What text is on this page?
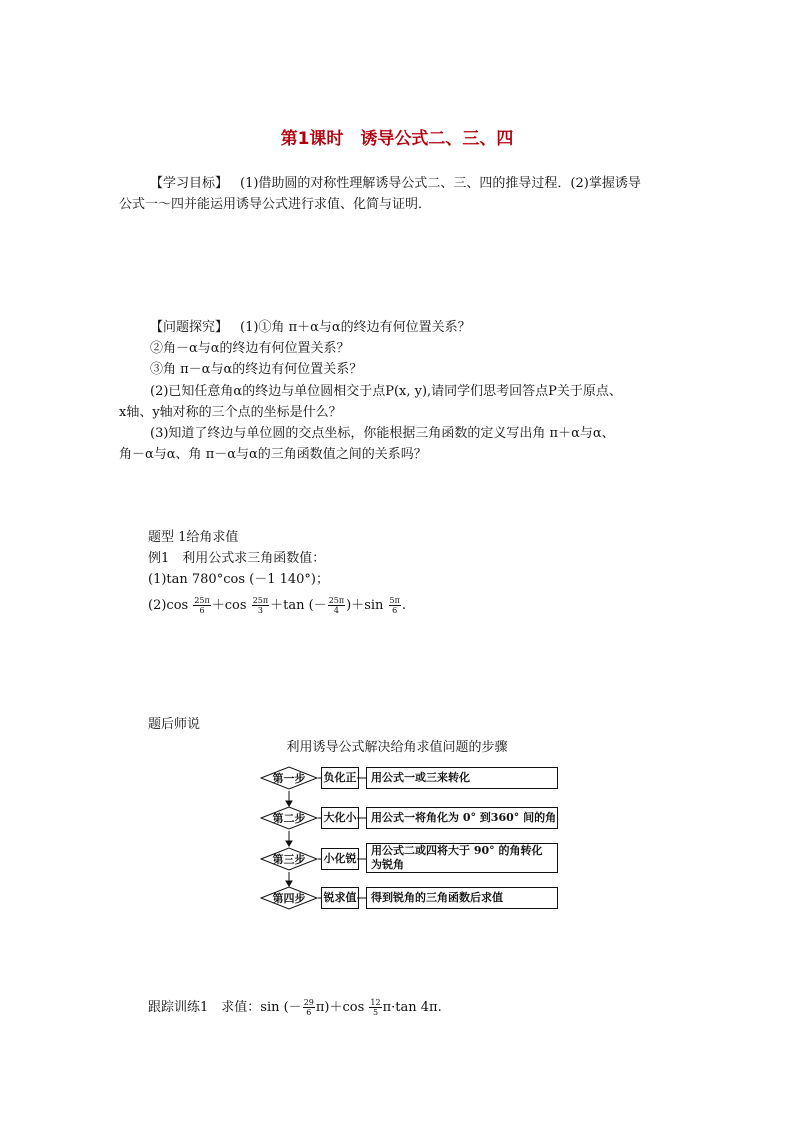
第1课时　诱导公式二、三、四
【学习目标】 (1)借助圆的对称性理解诱导公式二、三、四的推导过程．(2)掌握诱导
公式一～四并能运用诱导公式进行求值、化简与证明．
【问题探究】 (1)①角 π＋α与α的终边有何位置关系？
②角－α与α的终边有何位置关系？
③角 π－α与α的终边有何位置关系？
(2)已知任意角α的终边与单位圆相交于点P(x, y),请同学们思考回答点P关于原点、
x轴、y轴对称的三个点的坐标是什么？
(3)知道了终边与单位圆的交点坐标，你能根据三角函数的定义写出角 π＋α与α、
角－α与α、角 π－α与α的三角函数值之间的关系吗？
题型 1给角求值
例1　利用公式求三角函数值：
(1)tan 780°cos (－1 140°)；
$(2)\cos \frac{25\pi}{6} +\cos \frac{25\pi}{3} +\tan$ (－ $\frac{25\pi}{4} )+\sin \frac{5\pi}{6}$ .
题后师说
利用诱导公式解决给角求值问题的步骤
第一步	负化正	用公式一或三来转化
第二步	大化小	用公式一将角化为 0° 到360° 间的角
第三步	小化锐
用公式二或四将大于 90° 的角转化
为锐角
第四步	锐求值	得到锐角的三角函数后求值
跟踪训练1　求值：sin (－ $\frac{29}{6} \pi)+\cos \frac{12}{5} \pi\cdot\tan$ 4π.
